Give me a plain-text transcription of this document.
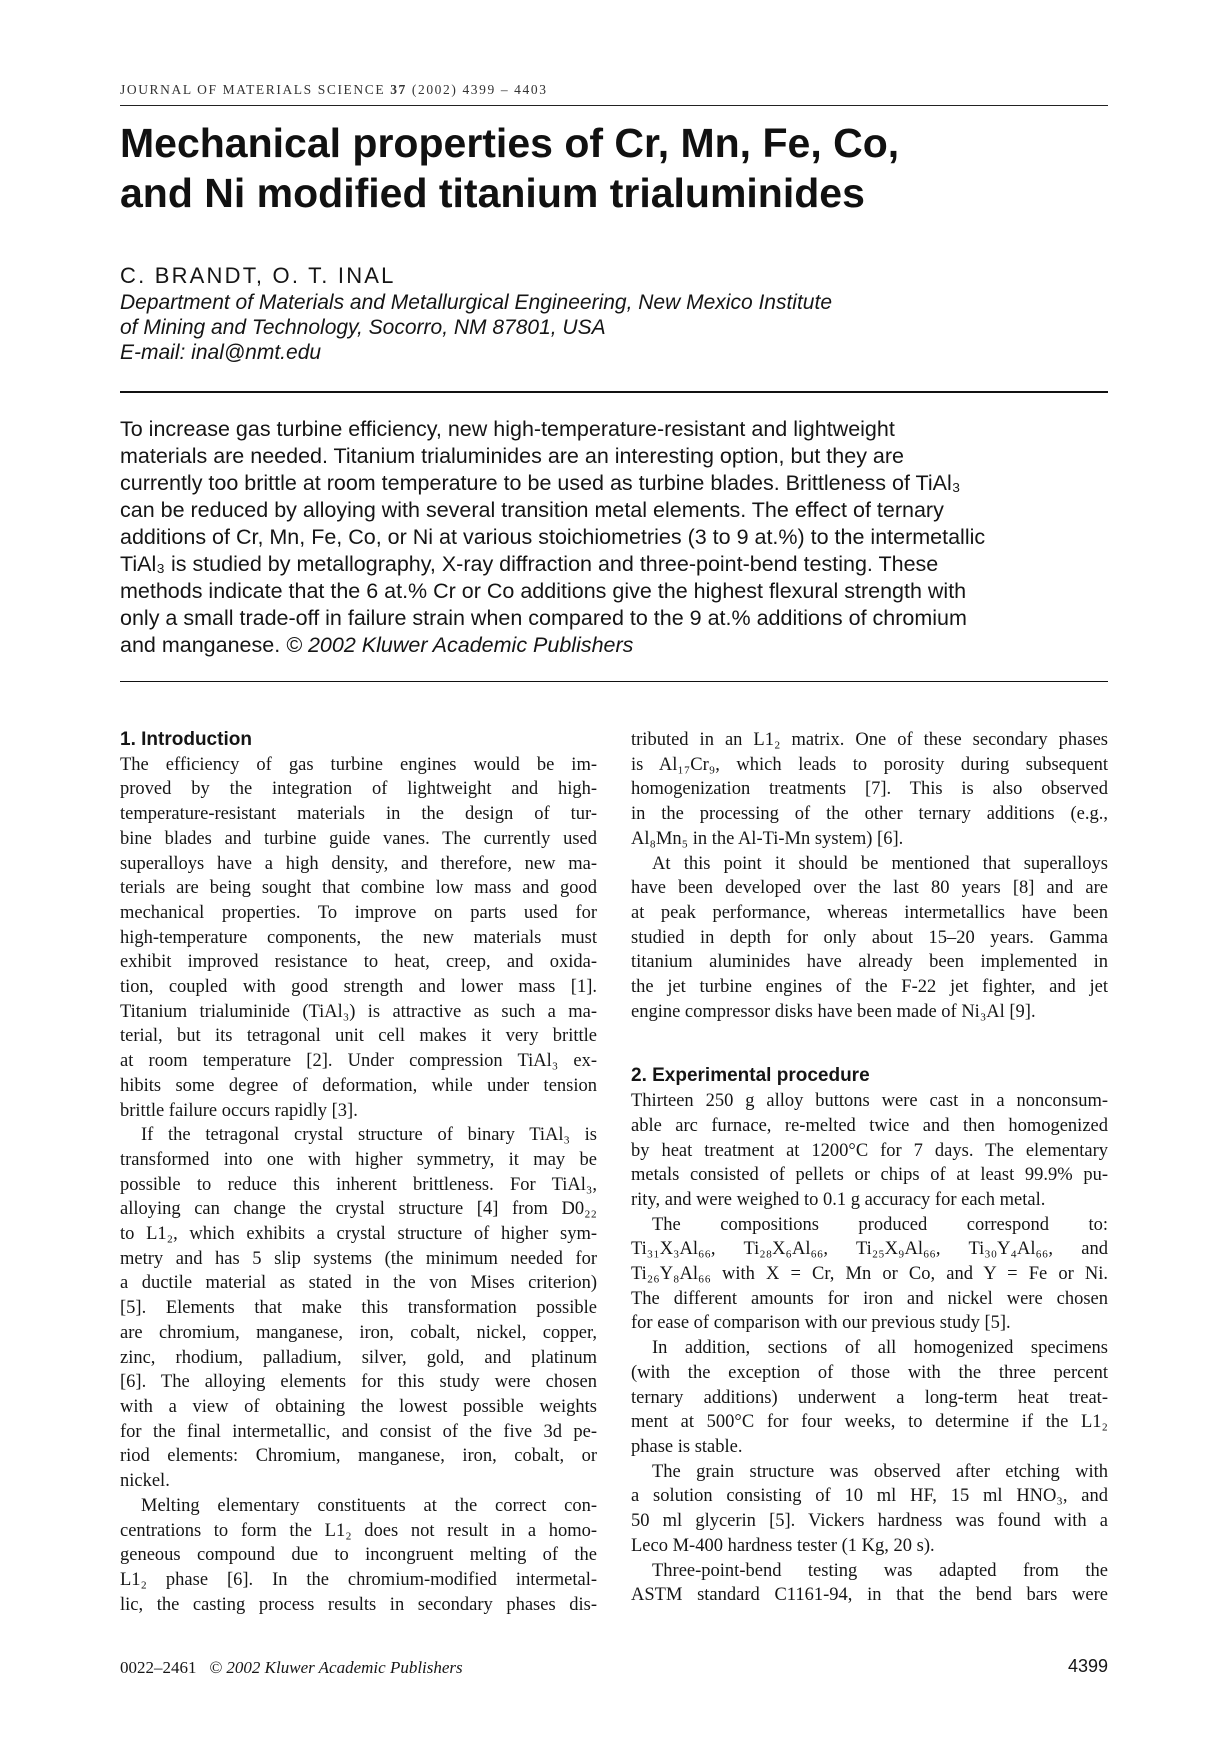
JOURNAL OF MATERIALS SCIENCE 37 (2002) 4399 – 4403
Mechanical properties of Cr, Mn, Fe, Co,
and Ni modified titanium trialuminides
C. BRANDT, O. T. INAL
Department of Materials and Metallurgical Engineering, New Mexico Institute
of Mining and Technology, Socorro, NM 87801, USA
E-mail: inal@nmt.edu
To increase gas turbine efficiency, new high-temperature-resistant and lightweight
materials are needed. Titanium trialuminides are an interesting option, but they are
currently too brittle at room temperature to be used as turbine blades. Brittleness of TiAl₃
can be reduced by alloying with several transition metal elements. The effect of ternary
additions of Cr, Mn, Fe, Co, or Ni at various stoichiometries (3 to 9 at.%) to the intermetallic
TiAl₃ is studied by metallography, X-ray diffraction and three-point-bend testing. These
methods indicate that the 6 at.% Cr or Co additions give the highest flexural strength with
only a small trade-off in failure strain when compared to the 9 at.% additions of chromium
and manganese. © 2002 Kluwer Academic Publishers
1. Introduction
The efficiency of gas turbine engines would be im-
proved by the integration of lightweight and high-
temperature-resistant materials in the design of tur-
bine blades and turbine guide vanes. The currently used
superalloys have a high density, and therefore, new ma-
terials are being sought that combine low mass and good
mechanical properties. To improve on parts used for
high-temperature components, the new materials must
exhibit improved resistance to heat, creep, and oxida-
tion, coupled with good strength and lower mass [1].
Titanium trialuminide (TiAl₃) is attractive as such a ma-
terial, but its tetragonal unit cell makes it very brittle
at room temperature [2]. Under compression TiAl₃ ex-
hibits some degree of deformation, while under tension
brittle failure occurs rapidly [3].
If the tetragonal crystal structure of binary TiAl₃ is
transformed into one with higher symmetry, it may be
possible to reduce this inherent brittleness. For TiAl₃,
alloying can change the crystal structure [4] from D0₂₂
to L1₂, which exhibits a crystal structure of higher sym-
metry and has 5 slip systems (the minimum needed for
a ductile material as stated in the von Mises criterion)
[5]. Elements that make this transformation possible
are chromium, manganese, iron, cobalt, nickel, copper,
zinc, rhodium, palladium, silver, gold, and platinum
[6]. The alloying elements for this study were chosen
with a view of obtaining the lowest possible weights
for the final intermetallic, and consist of the five 3d pe-
riod elements: Chromium, manganese, iron, cobalt, or
nickel.
Melting elementary constituents at the correct con-
centrations to form the L1₂ does not result in a homo-
geneous compound due to incongruent melting of the
L1₂ phase [6]. In the chromium-modified intermetal-
lic, the casting process results in secondary phases dis-
tributed in an L1₂ matrix. One of these secondary phases
is Al₁₇Cr₉, which leads to porosity during subsequent
homogenization treatments [7]. This is also observed
in the processing of the other ternary additions (e.g.,
Al₈Mn₅ in the Al-Ti-Mn system) [6].
At this point it should be mentioned that superalloys
have been developed over the last 80 years [8] and are
at peak performance, whereas intermetallics have been
studied in depth for only about 15–20 years. Gamma
titanium aluminides have already been implemented in
the jet turbine engines of the F-22 jet fighter, and jet
engine compressor disks have been made of Ni₃Al [9].
2. Experimental procedure
Thirteen 250 g alloy buttons were cast in a nonconsum-
able arc furnace, re-melted twice and then homogenized
by heat treatment at 1200°C for 7 days. The elementary
metals consisted of pellets or chips of at least 99.9% pu-
rity, and were weighed to 0.1 g accuracy for each metal.
The compositions produced correspond to:
Ti₃₁X₃Al₆₆, Ti₂₈X₆Al₆₆, Ti₂₅X₉Al₆₆, Ti₃₀Y₄Al₆₆, and
Ti₂₆Y₈Al₆₆ with X = Cr, Mn or Co, and Y = Fe or Ni.
The different amounts for iron and nickel were chosen
for ease of comparison with our previous study [5].
In addition, sections of all homogenized specimens
(with the exception of those with the three percent
ternary additions) underwent a long-term heat treat-
ment at 500°C for four weeks, to determine if the L1₂
phase is stable.
The grain structure was observed after etching with
a solution consisting of 10 ml HF, 15 ml HNO₃, and
50 ml glycerin [5]. Vickers hardness was found with a
Leco M-400 hardness tester (1 Kg, 20 s).
Three-point-bend testing was adapted from the
ASTM standard C1161-94, in that the bend bars were
0022–2461 © 2002 Kluwer Academic Publishers	4399
